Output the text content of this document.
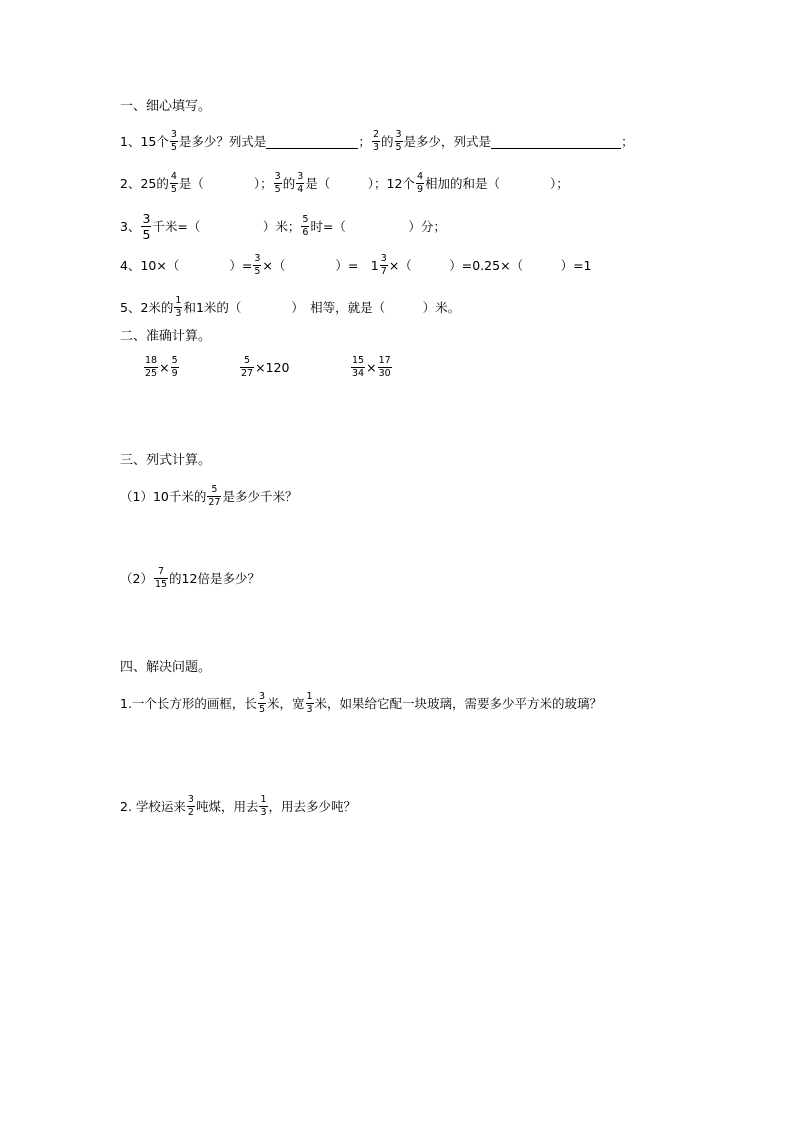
一、细心填写。
1、15个 $\frac{3}{5}$ 是多少？列式是	； $\frac{2}{3}$ 的 $\frac{3}{5}$ 是多少，列式是	；
2、25的 $\frac{4}{5}$ 是（　　　　）； $\frac{3}{5}$ 的 $\frac{3}{4}$ 是（　　　）；12个 $\frac{4}{9}$ 相加的和是（　　　　）；
3、 $\frac{3}{5}$ 千米=（　　　　　）米； $\frac{5}{6}$ 时=（　　　　　）分；
4、10×（　　　　）= $\frac{3}{5}$ ×（　　　　）=　$1 \frac{3}{7}$ ×（　　　）=0.25×（　　　）=1
5、2米的 $\frac{1}{3}$ 和1米的（　　　　）　相等，就是（　　　）米。
二、准确计算。
$\frac{18}{25} \times \frac{5}{9}$	$\frac{5}{27} \times 120$	$\frac{15}{34} \times \frac{17}{30}$
三、列式计算。
（1）10千米的 $\frac{5}{27}$ 是多少千米？
$(2) \frac{7}{15}$ 的12倍是多少？
四、解决问题。
1.一个长方形的画框，长 $\frac{3}{5}$ 米，宽 $\frac{1}{3}$ 米，如果给它配一块玻璃，需要多少平方米的玻璃？
2. 学校运来 $\frac{3}{2}$ 吨煤，用去 $\frac{1}{3}$ ，用去多少吨？
